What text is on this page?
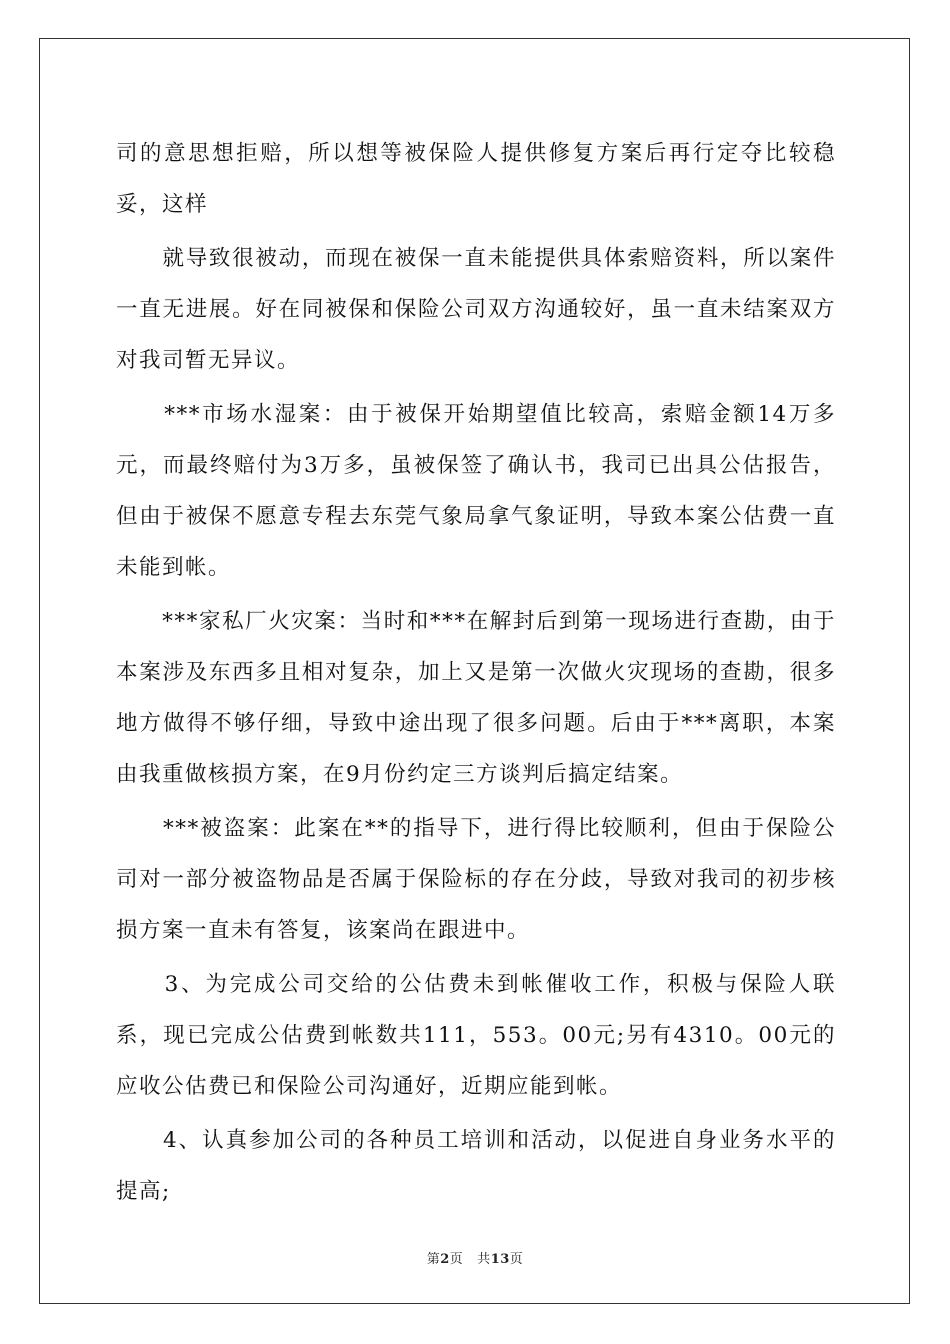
司的意思想拒赔，所以想等被保险人提供修复方案后再行定夺比较稳妥，这样

　　就导致很被动，而现在被保一直未能提供具体索赔资料，所以案件一直无进展。好在同被保和保险公司双方沟通较好，虽一直未结案双方对我司暂无异议。

　　***市场水湿案：由于被保开始期望值比较高，索赔金额14万多元，而最终赔付为3万多，虽被保签了确认书，我司已出具公估报告，但由于被保不愿意专程去东莞气象局拿气象证明，导致本案公估费一直未能到帐。

　　***家私厂火灾案：当时和***在解封后到第一现场进行查勘，由于本案涉及东西多且相对复杂，加上又是第一次做火灾现场的查勘，很多地方做得不够仔细，导致中途出现了很多问题。后由于***离职，本案由我重做核损方案，在9月份约定三方谈判后搞定结案。

　　***被盗案：此案在**的指导下，进行得比较顺利，但由于保险公司对一部分被盗物品是否属于保险标的存在分歧，导致对我司的初步核损方案一直未有答复，该案尚在跟进中。

　　3、为完成公司交给的公估费未到帐催收工作，积极与保险人联系，现已完成公估费到帐数共111，553。00元;另有4310。00元的应收公估费已和保险公司沟通好，近期应能到帐。

　　4、认真参加公司的各种员工培训和活动，以促进自身业务水平的提高;

第2页 共13页
